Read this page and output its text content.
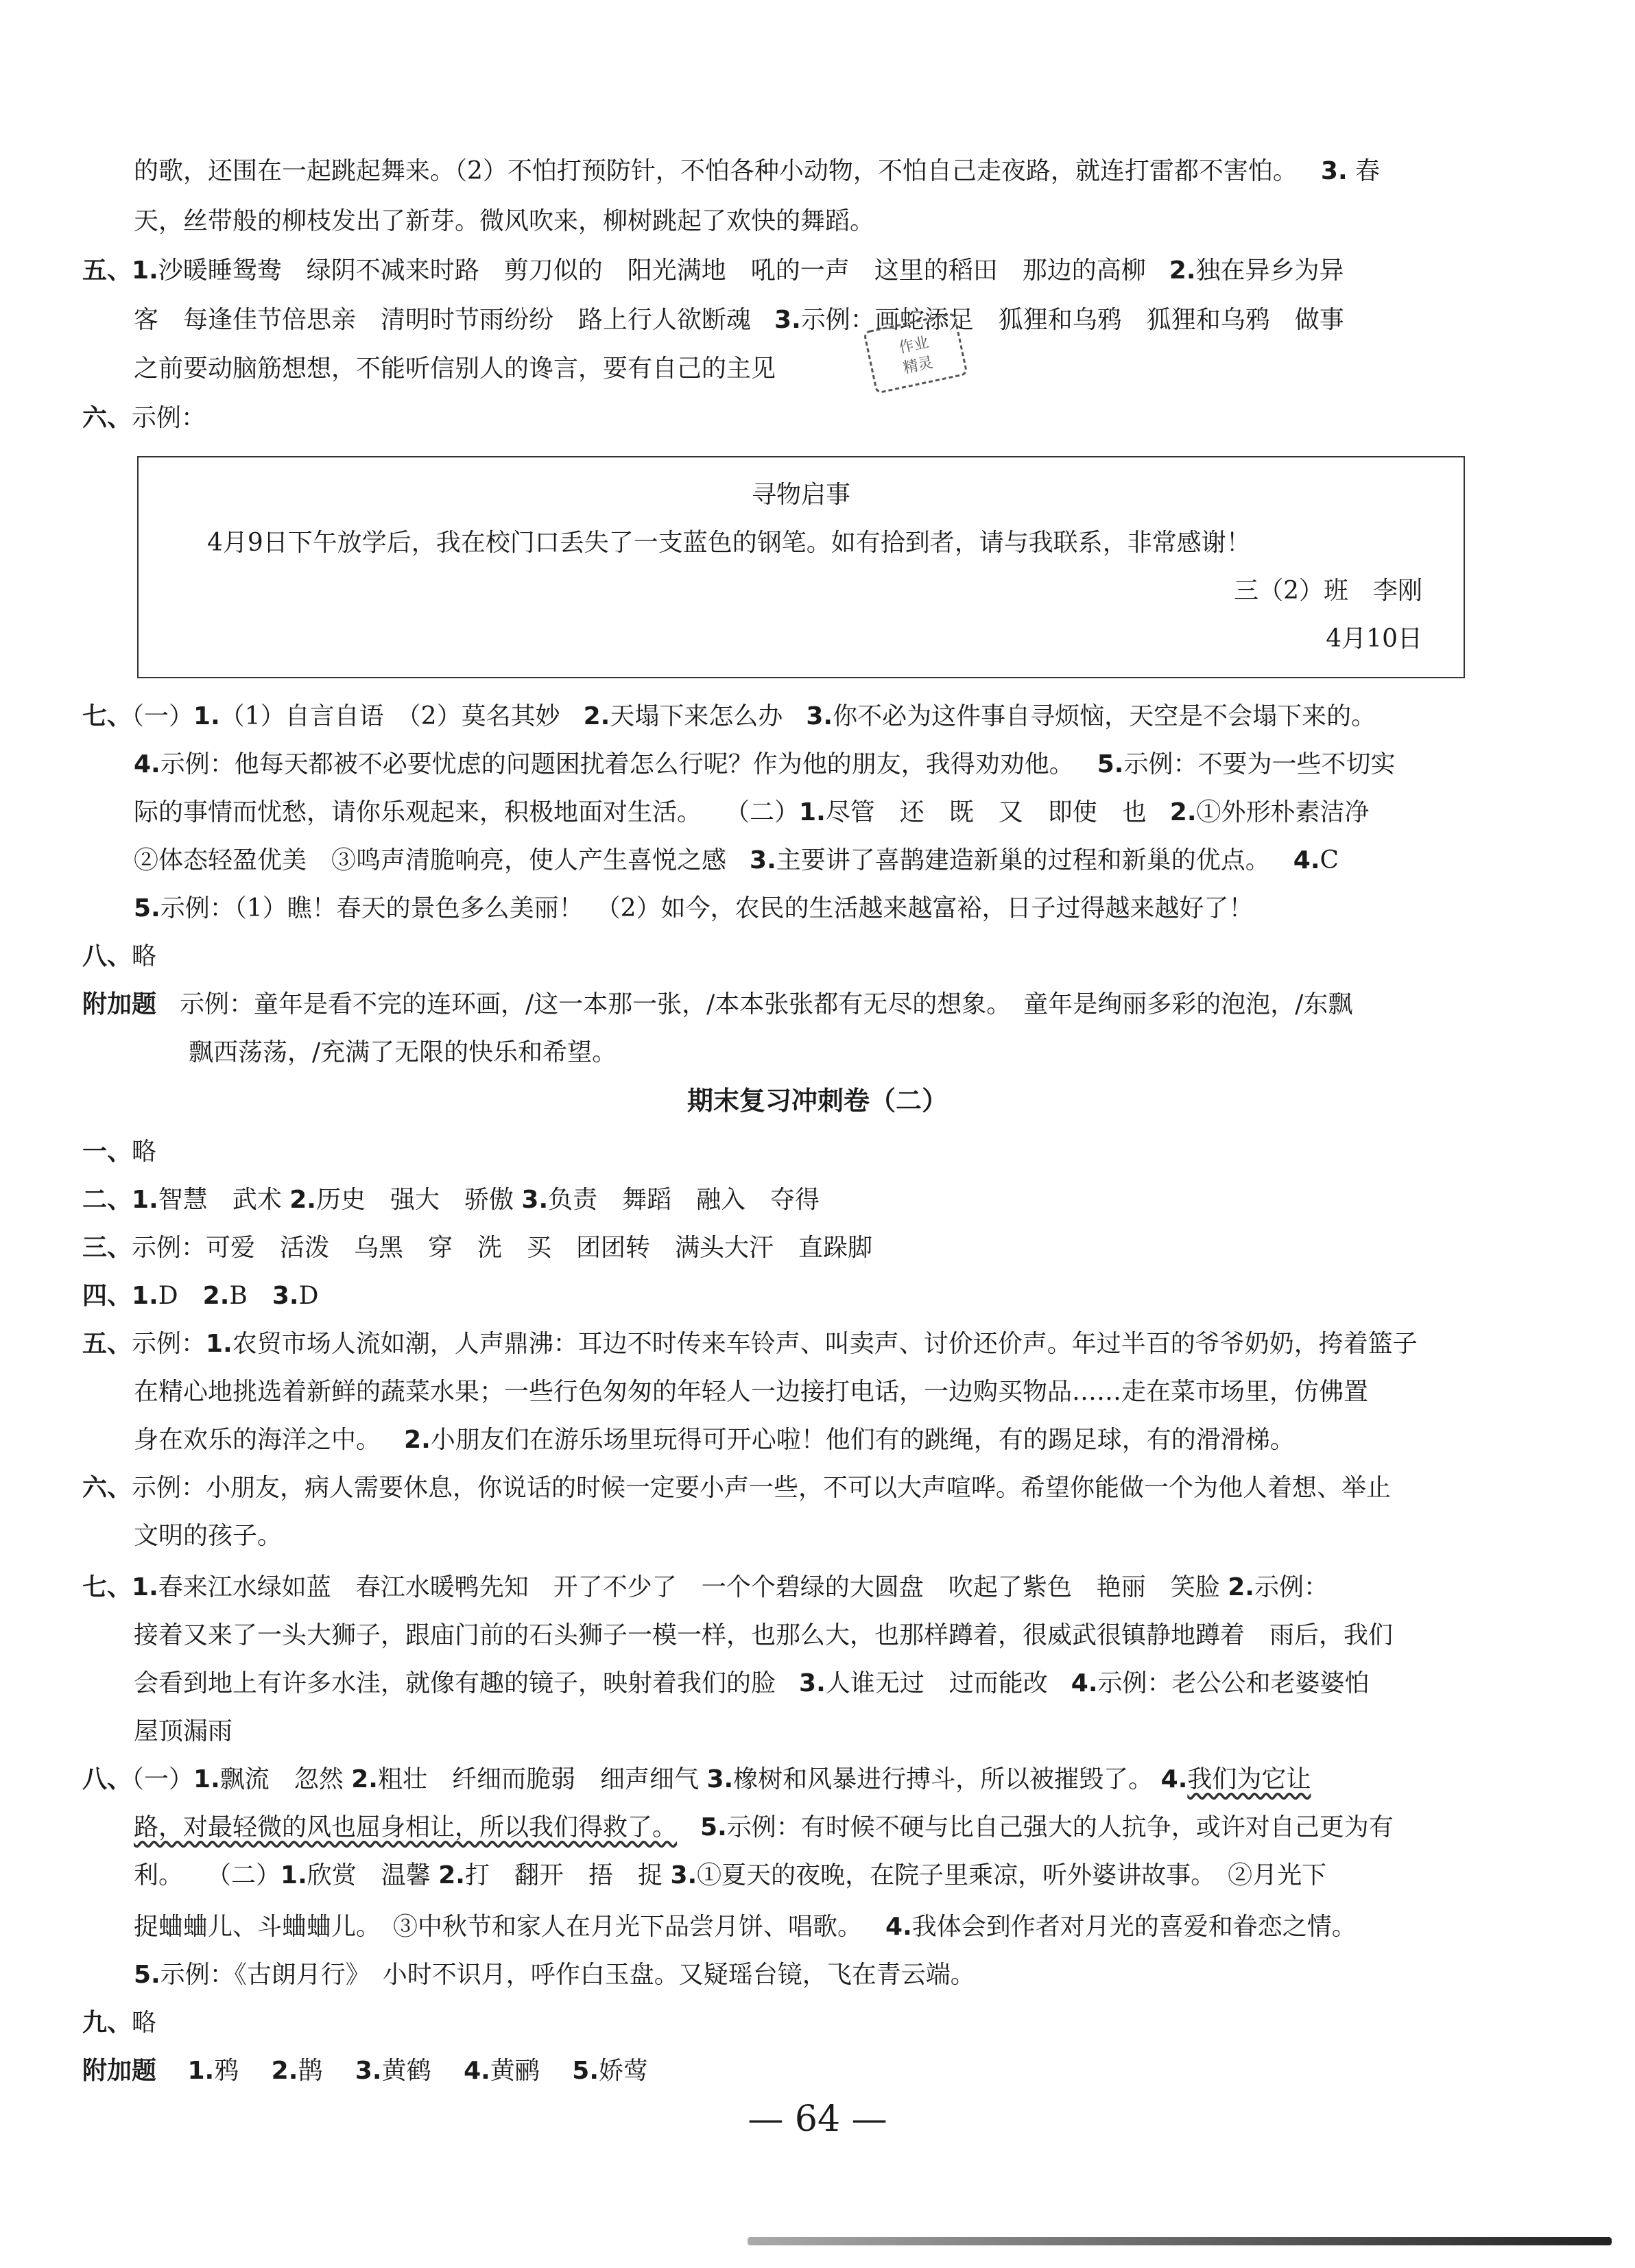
的歌，还围在一起跳起舞来。（2）不怕打预防针，不怕各种小动物，不怕自己走夜路，就连打雷都不害怕。 3. 春
天，丝带般的柳枝发出了新芽。微风吹来，柳树跳起了欢快的舞蹈。
五、1.沙暖睡鸳鸯　绿阴不减来时路　剪刀似的　阳光满地　吼的一声　这里的稻田　那边的高柳 2.独在异乡为异
客　每逢佳节倍思亲　清明时节雨纷纷　路上行人欲断魂 3.示例：画蛇添足　狐狸和乌鸦　狐狸和乌鸦　做事
之前要动脑筋想想，不能听信别人的谗言，要有自己的主见
作业
精灵
六、示例：
寻物启事
4月9日下午放学后，我在校门口丢失了一支蓝色的钢笔。如有拾到者，请与我联系，非常感谢！
三（2）班　李刚
4月10日
七、（一）1.（1）自言自语　（2）莫名其妙 2.天塌下来怎么办 3.你不必为这件事自寻烦恼，天空是不会塌下来的。
4.示例：他每天都被不必要忧虑的问题困扰着怎么行呢？作为他的朋友，我得劝劝他。 5.示例：不要为一些不切实
际的事情而忧愁，请你乐观起来，积极地面对生活。 （二）1.尽管　还　既　又　即使　也 2.①外形朴素洁净
②体态轻盈优美　③鸣声清脆响亮，使人产生喜悦之感 3.主要讲了喜鹊建造新巢的过程和新巢的优点。 4.C
5.示例：（1）瞧！春天的景色多么美丽！　（2）如今，农民的生活越来越富裕，日子过得越来越好了！
八、略
附加题 示例：童年是看不完的连环画，/这一本那一张，/本本张张都有无尽的想象。　童年是绚丽多彩的泡泡，/东飘
飘西荡荡，/充满了无限的快乐和希望。
期末复习冲刺卷（二）
一、略
二、1.智慧　武术 2.历史　强大　骄傲 3.负责　舞蹈　融入　夺得
三、示例：可爱　活泼　乌黑　穿　洗　买　团团转　满头大汗　直跺脚
四、1.D　 2.B　 3.D
五、示例：1.农贸市场人流如潮，人声鼎沸：耳边不时传来车铃声、叫卖声、讨价还价声。年过半百的爷爷奶奶，挎着篮子
在精心地挑选着新鲜的蔬菜水果；一些行色匆匆的年轻人一边接打电话，一边购买物品……走在菜市场里，仿佛置
身在欢乐的海洋之中。 2.小朋友们在游乐场里玩得可开心啦！他们有的跳绳，有的踢足球，有的滑滑梯。
六、示例：小朋友，病人需要休息，你说话的时候一定要小声一些，不可以大声喧哗。希望你能做一个为他人着想、举止
文明的孩子。
七、1.春来江水绿如蓝　春江水暖鸭先知　开了不少了　一个个碧绿的大圆盘　吹起了紫色　艳丽　笑脸 2.示例：
接着又来了一头大狮子，跟庙门前的石头狮子一模一样，也那么大，也那样蹲着，很威武很镇静地蹲着　雨后，我们
会看到地上有许多水洼，就像有趣的镜子，映射着我们的脸 3.人谁无过　过而能改 4.示例：老公公和老婆婆怕
屋顶漏雨
八、（一）1.飘流　忽然 2.粗壮　纤细而脆弱　细声细气 3.橡树和风暴进行搏斗，所以被摧毁了。 4.我们为它让
路，对最轻微的风也屈身相让，所以我们得救了。 5.示例：有时候不硬与比自己强大的人抗争，或许对自己更为有
利。 （二）1.欣赏　温馨 2.打　翻开　捂　捉 3.①夏天的夜晚，在院子里乘凉，听外婆讲故事。　②月光下
捉蛐蛐儿、斗蛐蛐儿。　③中秋节和家人在月光下品尝月饼、唱歌。 4.我体会到作者对月光的喜爱和眷恋之情。
5.示例：《古朗月行》　小时不识月，呼作白玉盘。又疑瑶台镜，飞在青云端。
九、略
附加题 1.鸦　 2.鹊　 3.黄鹤　 4.黄鹂　 5.娇莺
— 64 —
